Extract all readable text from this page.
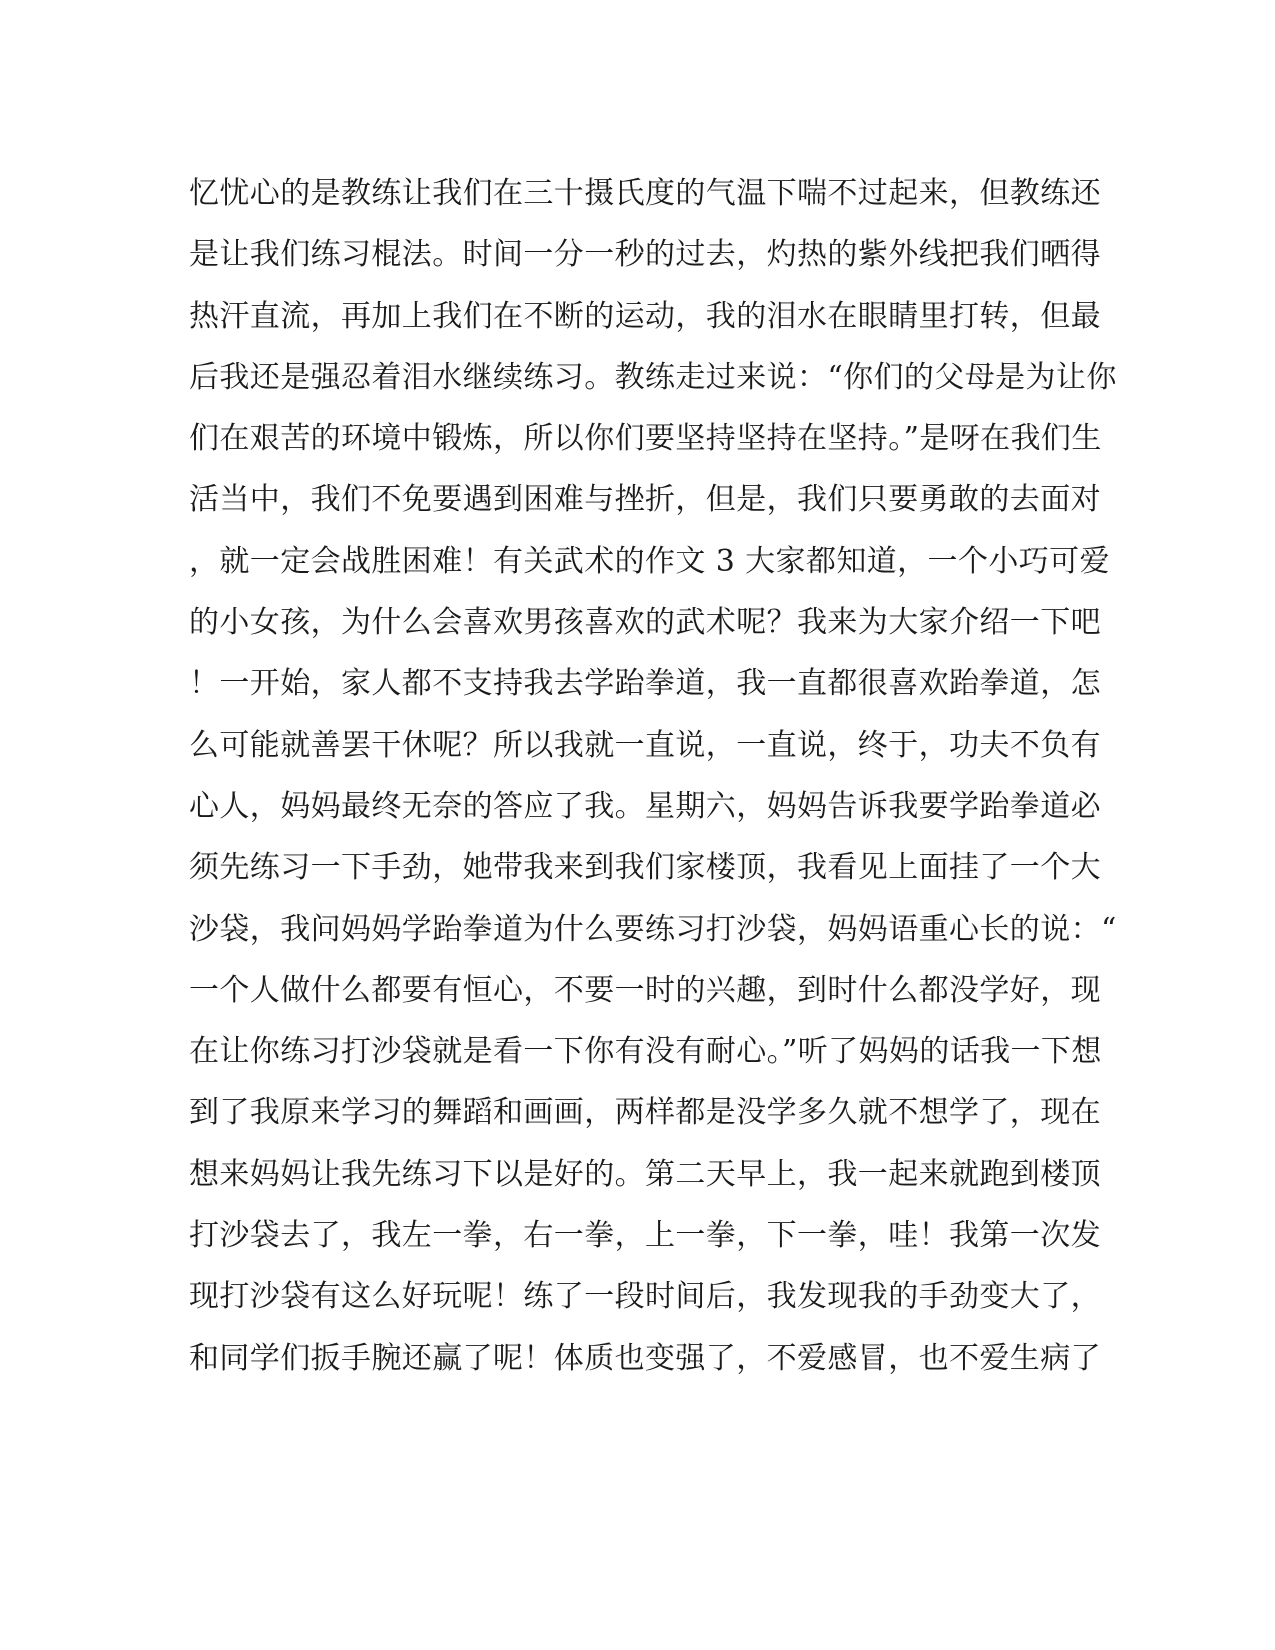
忆忧心的是教练让我们在三十摄氏度的气温下喘不过起来，但教练还
是让我们练习棍法。时间一分一秒的过去，灼热的紫外线把我们晒得
热汗直流，再加上我们在不断的运动，我的泪水在眼睛里打转，但最
后我还是强忍着泪水继续练习。教练走过来说：“你们的父母是为让你
们在艰苦的环境中锻炼，所以你们要坚持坚持在坚持。”是呀在我们生
活当中，我们不免要遇到困难与挫折，但是，我们只要勇敢的去面对
，就一定会战胜困难！有关武术的作文 3 大家都知道，一个小巧可爱
的小女孩，为什么会喜欢男孩喜欢的武术呢？我来为大家介绍一下吧
！一开始，家人都不支持我去学跆拳道，我一直都很喜欢跆拳道，怎
么可能就善罢干休呢？所以我就一直说，一直说，终于，功夫不负有
心人，妈妈最终无奈的答应了我。星期六，妈妈告诉我要学跆拳道必
须先练习一下手劲，她带我来到我们家楼顶，我看见上面挂了一个大
沙袋，我问妈妈学跆拳道为什么要练习打沙袋，妈妈语重心长的说：“
一个人做什么都要有恒心，不要一时的兴趣，到时什么都没学好，现
在让你练习打沙袋就是看一下你有没有耐心。”听了妈妈的话我一下想
到了我原来学习的舞蹈和画画，两样都是没学多久就不想学了，现在
想来妈妈让我先练习下以是好的。第二天早上，我一起来就跑到楼顶
打沙袋去了，我左一拳，右一拳，上一拳，下一拳，哇！我第一次发
现打沙袋有这么好玩呢！练了一段时间后，我发现我的手劲变大了，
和同学们扳手腕还赢了呢！体质也变强了，不爱感冒，也不爱生病了
